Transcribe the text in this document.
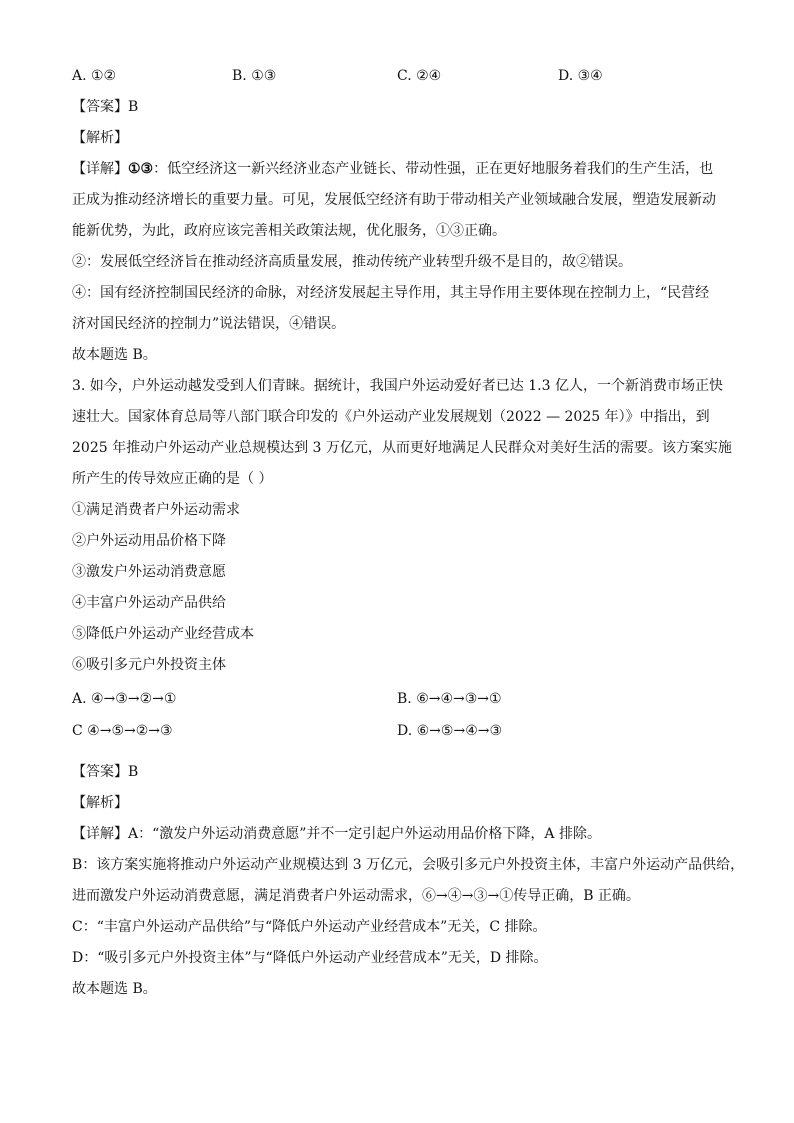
A. ①②	B. ①③	C. ②④	D. ③④
【答案】B
【解析】
【详解】①③：低空经济这一新兴经济业态产业链长、带动性强，正在更好地服务着我们的生产生活，也
正成为推动经济增长的重要力量。可见，发展低空经济有助于带动相关产业领域融合发展，塑造发展新动
能新优势，为此，政府应该完善相关政策法规，优化服务，①③正确。
②：发展低空经济旨在推动经济高质量发展，推动传统产业转型升级不是目的，故②错误。
④：国有经济控制国民经济的命脉，对经济发展起主导作用，其主导作用主要体现在控制力上，“民营经
济对国民经济的控制力”说法错误，④错误。
故本题选 B。
3. 如今，户外运动越发受到人们青睐。据统计，我国户外运动爱好者已达 1.3 亿人，一个新消费市场正快
速壮大。国家体育总局等八部门联合印发的《户外运动产业发展规划（2022 — 2025 年）》中指出，到
2025 年推动户外运动产业总规模达到 3 万亿元，从而更好地满足人民群众对美好生活的需要。该方案实施
所产生的传导效应正确的是（ ）
①满足消费者户外运动需求
②户外运动用品价格下降
③激发户外运动消费意愿
④丰富户外运动产品供给
⑤降低户外运动产业经营成本
⑥吸引多元户外投资主体
A. ④→③→②→①	B. ⑥→④→③→①
C ④→⑤→②→③	D. ⑥→⑤→④→③
【答案】B
【解析】
【详解】A：“激发户外运动消费意愿”并不一定引起户外运动用品价格下降，A 排除。
B：该方案实施将推动户外运动产业规模达到 3 万亿元，会吸引多元户外投资主体，丰富户外运动产品供给，
进而激发户外运动消费意愿，满足消费者户外运动需求，⑥→④→③→①传导正确，B 正确。
C：“丰富户外运动产品供给”与“降低户外运动产业经营成本”无关，C 排除。
D：“吸引多元户外投资主体”与“降低户外运动产业经营成本”无关，D 排除。
故本题选 B。
